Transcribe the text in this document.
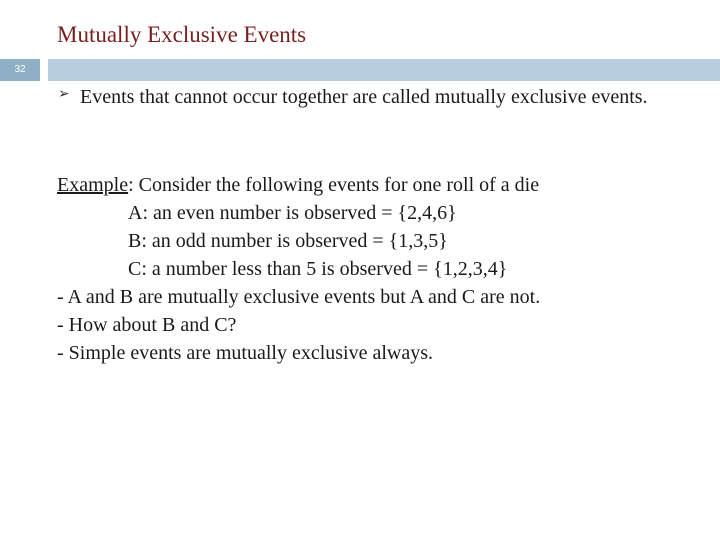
Mutually Exclusive Events
32
➢ Events that cannot occur together are called mutually exclusive events.
Example: Consider the following events for one roll of a die
A: an even number is observed = {2,4,6}
B: an odd number is observed = {1,3,5}
C: a number less than 5 is observed = {1,2,3,4}
- A and B are mutually exclusive events but A and C are not.
- How about B and C?
- Simple events are mutually exclusive always.
